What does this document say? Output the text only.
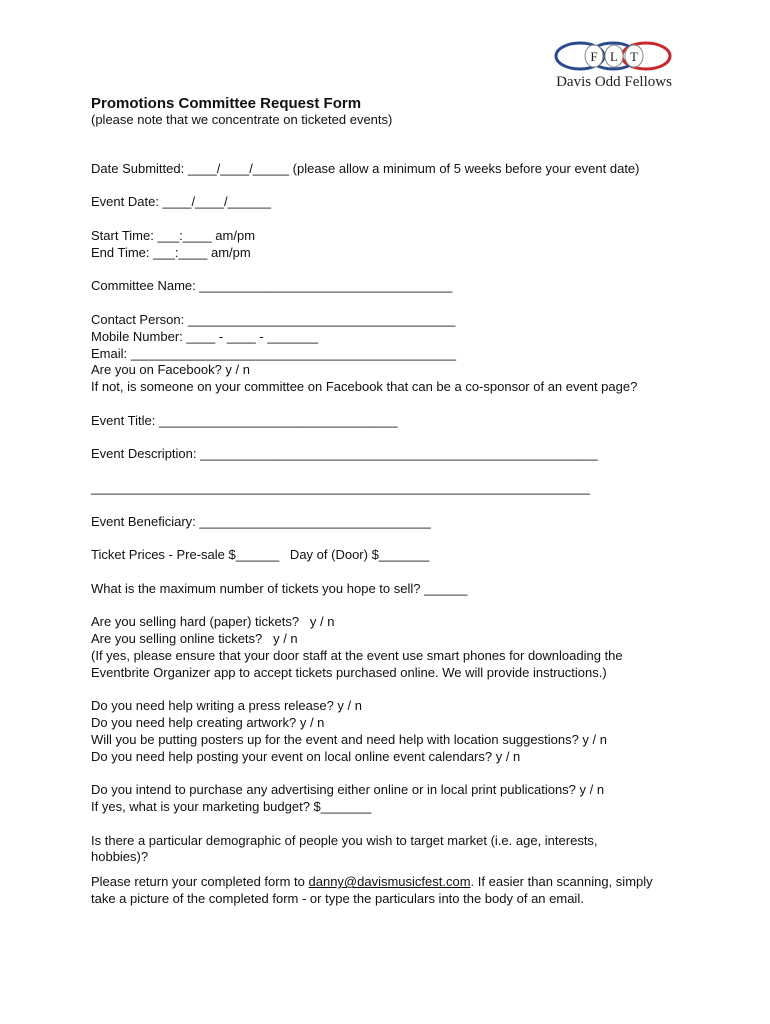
F L T
Davis Odd Fellows

Promotions Committee Request Form

(please note that we concentrate on ticketed events)

Date Submitted: ____/____/_____ (please allow a minimum of 5 weeks before your event date)

Event Date: ____/____/______

Start Time: ___:____ am/pm

End Time: ___:____ am/pm

Committee Name: ___________________________________

Contact Person: _____________________________________

Mobile Number: ____ - ____ - _______

Email: _____________________________________________

Are you on Facebook? y / n

If not, is someone on your committee on Facebook that can be a co-sponsor of an event page?

Event Title: _________________________________

Event Description: _______________________________________________________

_____________________________________________________________________

Event Beneficiary: ________________________________

Ticket Prices - Pre-sale $______   Day of (Door) $_______

What is the maximum number of tickets you hope to sell? ______

Are you selling hard (paper) tickets?   y / n

Are you selling online tickets?   y / n

(If yes, please ensure that your door staff at the event use smart phones for downloading the

Eventbrite Organizer app to accept tickets purchased online. We will provide instructions.)

Do you need help writing a press release? y / n

Do you need help creating artwork? y / n

Will you be putting posters up for the event and need help with location suggestions? y / n

Do you need help posting your event on local online event calendars? y / n

Do you intend to purchase any advertising either online or in local print publications? y / n

If yes, what is your marketing budget? $_______

Is there a particular demographic of people you wish to target market (i.e. age, interests, hobbies)?

Please return your completed form to danny@davismusicfest.com. If easier than scanning, simply take a picture of the completed form - or type the particulars into the body of an email.
